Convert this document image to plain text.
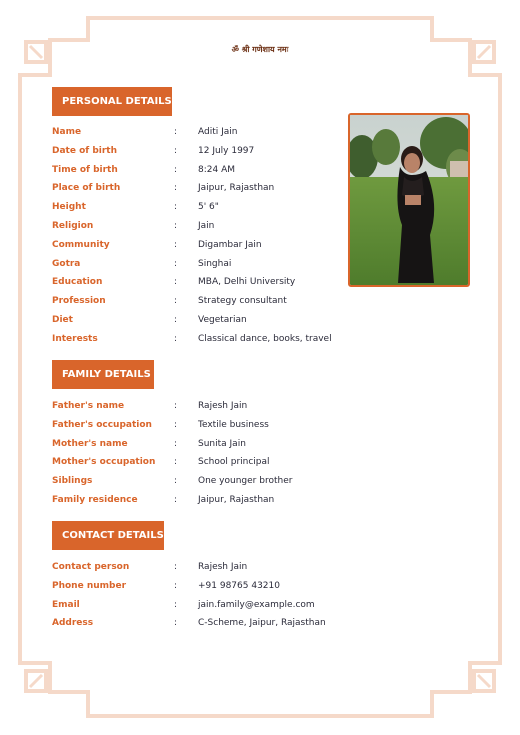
ॐ श्री गणेशाय नमः
PERSONAL DETAILS
Name	: Aditi Jain
Date of birth	: 12 July 1997
Time of birth	: 8:24 AM
Place of birth	: Jaipur, Rajasthan
Height	: 5' 6"
Religion	: Jain
Community	: Digambar Jain
Gotra	: Singhai
Education	: MBA, Delhi University
Profession	: Strategy consultant
Diet	: Vegetarian
Interests	: Classical dance, books, travel
FAMILY DETAILS
Father's name	: Rajesh Jain
Father's occupation : Textile business
Mother's name	: Sunita Jain
Mother's occupation : School principal
Siblings	: One younger brother
Family residence	: Jaipur, Rajasthan
CONTACT DETAILS
Contact person	: Rajesh Jain
Phone number	: +91 98765 43210
Email	: jain.family@example.com
Address	: C-Scheme, Jaipur, Rajasthan
